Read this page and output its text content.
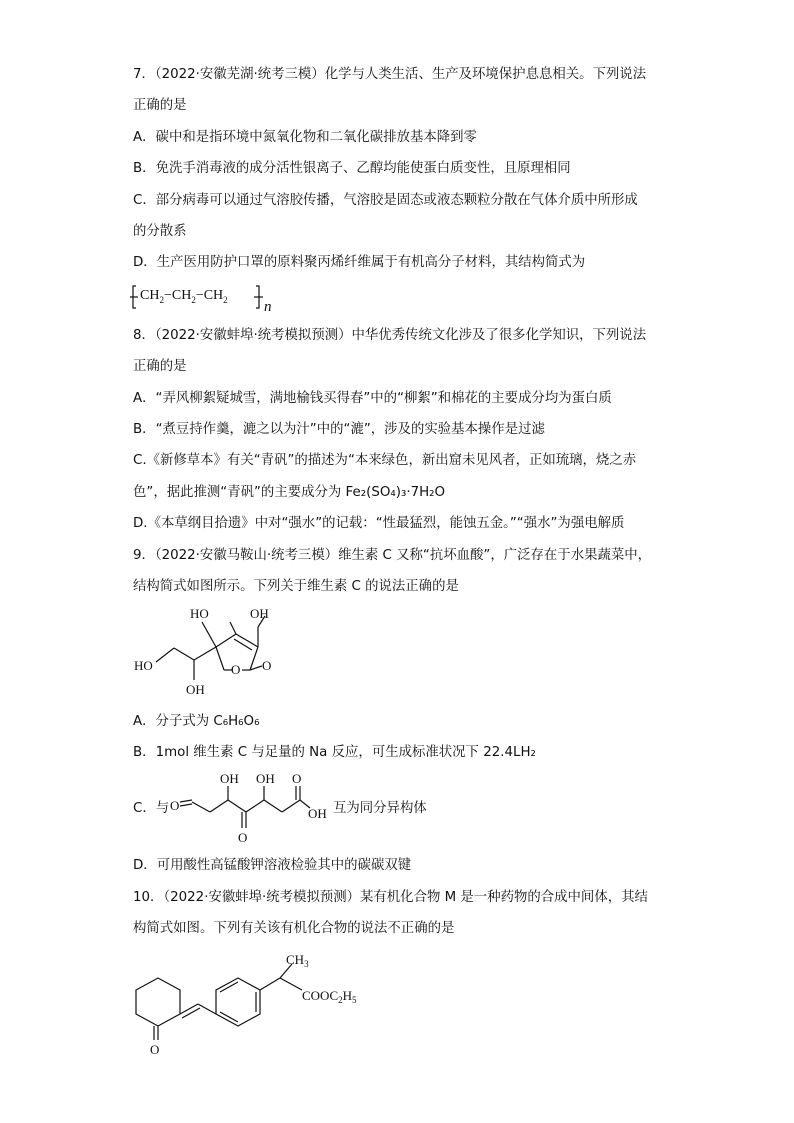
7．（2022·安徽芜湖·统考三模）化学与人类生活、生产及环境保护息息相关。下列说法
正确的是
A．碳中和是指环境中氮氧化物和二氧化碳排放基本降到零
B．免洗手消毒液的成分活性银离子、乙醇均能使蛋白质变性，且原理相同
C．部分病毒可以通过气溶胶传播，气溶胶是固态或液态颗粒分散在气体介质中所形成
的分散系
D．生产医用防护口罩的原料聚丙烯纤维属于有机高分子材料，其结构简式为
$CH_2-CH_2-CH_2$ n
8．（2022·安徽蚌埠·统考模拟预测）中华优秀传统文化涉及了很多化学知识，下列说法
正确的是
A．“弄风柳絮疑城雪，满地榆钱买得春”中的“柳絮”和棉花的主要成分均为蛋白质
B．“煮豆持作羹，漉之以为汁”中的“漉”，涉及的实验基本操作是过滤
C.《新修草本》有关“青矾”的描述为“本来绿色，新出窟未见风者，正如琉璃，烧之赤
色”，据此推测“青矾”的主要成分为 Fe₂(SO₄)₃·7H₂O
D.《本草纲目拾遗》中对“强水”的记载：“性最猛烈，能蚀五金。”“强水”为强电解质
9．（2022·安徽马鞍山·统考三模）维生素 C 又称“抗坏血酸”，广泛存在于水果蔬菜中，
结构简式如图所示。下列关于维生素 C 的说法正确的是
HO	OH
HO
OH
O O
A．分子式为 C₆H₆O₆
B．1mol 维生素 C 与足量的 Na 反应，可生成标准状况下 22.4LH₂
C．与 O
OH OH
O
O
OH 互为同分异构体
D．可用酸性高锰酸钾溶液检验其中的碳碳双键
10．（2022·安徽蚌埠·统考模拟预测）某有机化合物 M 是一种药物的合成中间体，其结
构简式如图。下列有关该有机化合物的说法不正确的是
$CH_3$
$COOC_2H_5$
O
